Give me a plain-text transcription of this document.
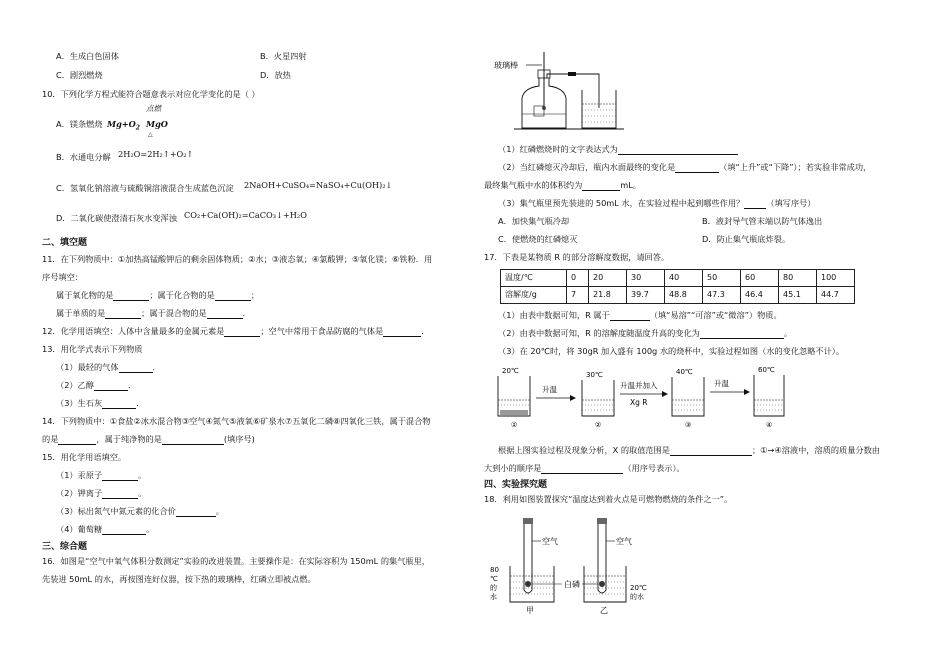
A．生成白色固体	B．火星四射
C．剧烈燃烧	D．放热
10．下列化学方程式能符合题意表示对应化学变化的是（ ）
A．镁条燃烧 $Mg+O_2$
点燃
MgO
△
B．水通电分解 2H₂O=2H₂↑+O₂↑
C．氢氧化钠溶液与硫酸铜溶液混合生成蓝色沉淀 2NaOH+CuSO₄=NaSO₄+Cu(OH)₂↓
D．二氧化碳使澄清石灰水变浑浊 CO₂+Ca(OH)₂=CaCO₃↓+H₂O
二、填空题
11．在下列物质中：①加热高锰酸钾后的剩余固体物质；②水；③液态氧；④氯酸钾；⑤氧化镁；⑥铁粉．用
序号填空：
属于氧化物的是	；属于化合物的是	；
属于单质的是	；属于混合物的是	．
12．化学用语填空：人体中含量最多的金属元素是	；空气中常用于食品防腐的气体是	．
13．用化学式表示下列物质
（1）最轻的气体	．
（2）乙醇	．
（3）生石灰	．
14．下列物质中：①食盐②冰水混合物③空气④氮气⑤液氧⑥矿泉水⑦五氧化二磷⑧四氧化三铁，属于混合物
的是	，属于纯净物的是	(填序号)
15．用化学用语填空。
（1）汞原子	。
（2）钾离子	。
（3）标出氮气中氮元素的化合价	。
（4）葡萄糖	。
三、综合题
16．如图是“空气中氧气体积分数测定”实验的改进装置。主要操作是：在实际容积为 150mL 的集气瓶里，
先装进 50mL 的水，再按图连好仪器，按下热的玻璃棒，红磷立即被点燃。
玻璃棒
（1）红磷燃烧时的文字表达式为
（2）当红磷熄灭冷却后，瓶内水面最终的变化是	（填“上升”或“下降”）；若实验非常成功，
最终集气瓶中水的体积约为	mL。
（3）集气瓶里预先装进的 50mL 水，在实验过程中起到哪些作用？	（填写序号）
A．加快集气瓶冷却	B．液封导气管末端以防气体逸出
C．使燃烧的红磷熄灭	D．防止集气瓶底炸裂。
17．下表是某物质 R 的部分溶解度数据，请回答。
温度/℃	0	20	30	40	50	60	80	100
溶解度/g	7	21.8	39.7	48.8	47.3	46.4	45.1	44.7
（1）由表中数据可知，R 属于	（填“易溶”“可溶”或“微溶”）物质。
（2）由表中数据可知，R 的溶解度随温度升高的变化为	。
（3）在 20℃时，将 30gR 加入盛有 100g 水的烧杯中，实验过程如图（水的变化忽略不计）。
20℃
①
升温
30℃
②
升温并加入
Xg R
40℃
③
升温
60℃
④
根据上图实验过程及现象分析，X 的取值范围是	；①→④溶液中，溶质的质量分数由
大到小的顺序是	（用序号表示）。
四、实验探究题
18．利用如图装置探究“温度达到着火点是可燃物燃烧的条件之一”。
空气
80
℃
的
水
甲
白磷
空气
20℃
的水
乙
